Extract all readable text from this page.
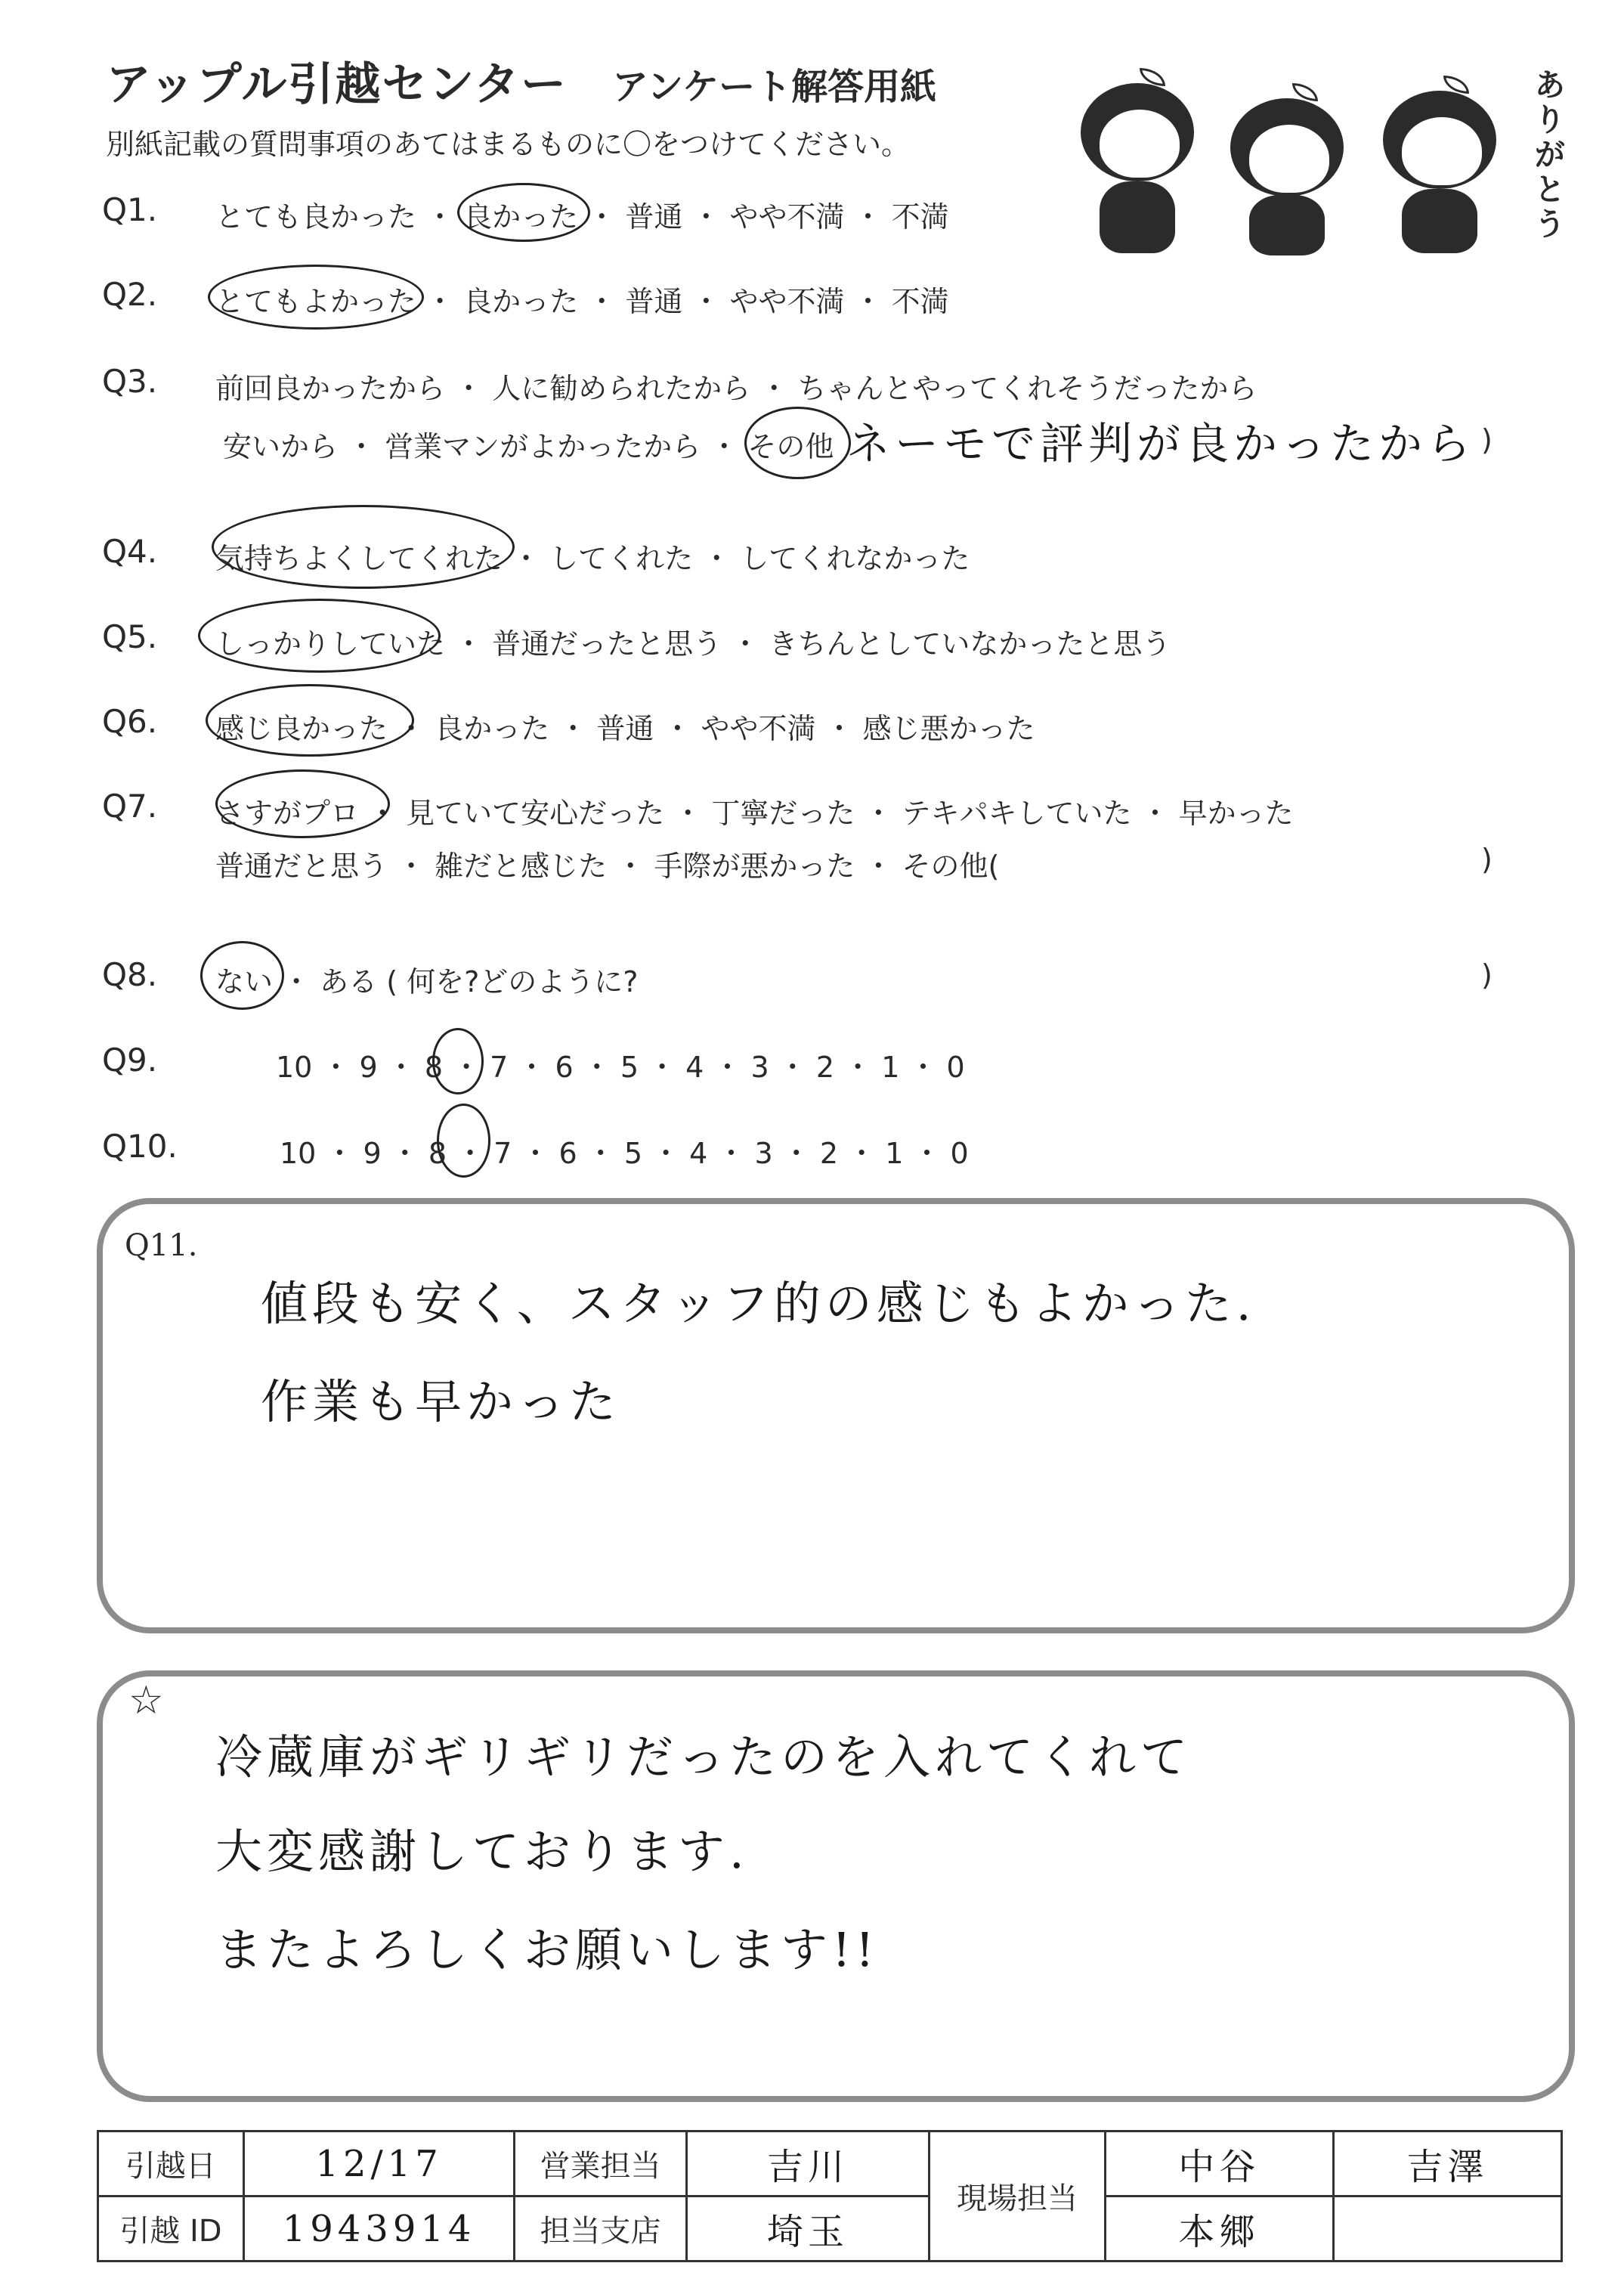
アップル引越センター アンケート解答用紙
別紙記載の質問事項のあてはまるものに〇をつけてください。	ありがとう
Q1. とても良かった ・ 良かった ・ 普通 ・ やや不満 ・ 不満
Q2. とてもよかった ・ 良かった ・ 普通 ・ やや不満 ・ 不満
Q3. 前回良かったから ・ 人に勧められたから ・ ちゃんとやってくれそうだったから
安いから ・ 営業マンがよかったから ・ その他 ネーモで評判が良かったから )
Q4. 気持ちよくしてくれた ・ してくれた ・ してくれなかった
Q5. しっかりしていた ・ 普通だったと思う ・ きちんとしていなかったと思う
Q6. 感じ良かった ・ 良かった ・ 普通 ・ やや不満 ・ 感じ悪かった
Q7. さすがプロ ・ 見ていて安心だった ・ 丁寧だった ・ テキパキしていた ・ 早かった
普通だと思う ・ 雑だと感じた ・ 手際が悪かった ・ その他(	)
Q8. ない ・ ある ( 何を?どのように?	)
Q9.	10 ・ 9 ・ 8 ・ 7 ・ 6 ・ 5 ・ 4 ・ 3 ・ 2 ・ 1 ・ 0
Q10.	10 ・ 9 ・ 8 ・ 7 ・ 6 ・ 5 ・ 4 ・ 3 ・ 2 ・ 1 ・ 0
Q11.
値段も安く、スタッフ的の感じもよかった.
作業も早かった
☆
冷蔵庫がギリギリだったのを入れてくれて
大変感謝しております.
またよろしくお願いします!!
引越日	12/17	営業担当	吉川	現場担当	中谷	吉澤
引越 ID	1943914	担当支店	埼玉		本郷	
